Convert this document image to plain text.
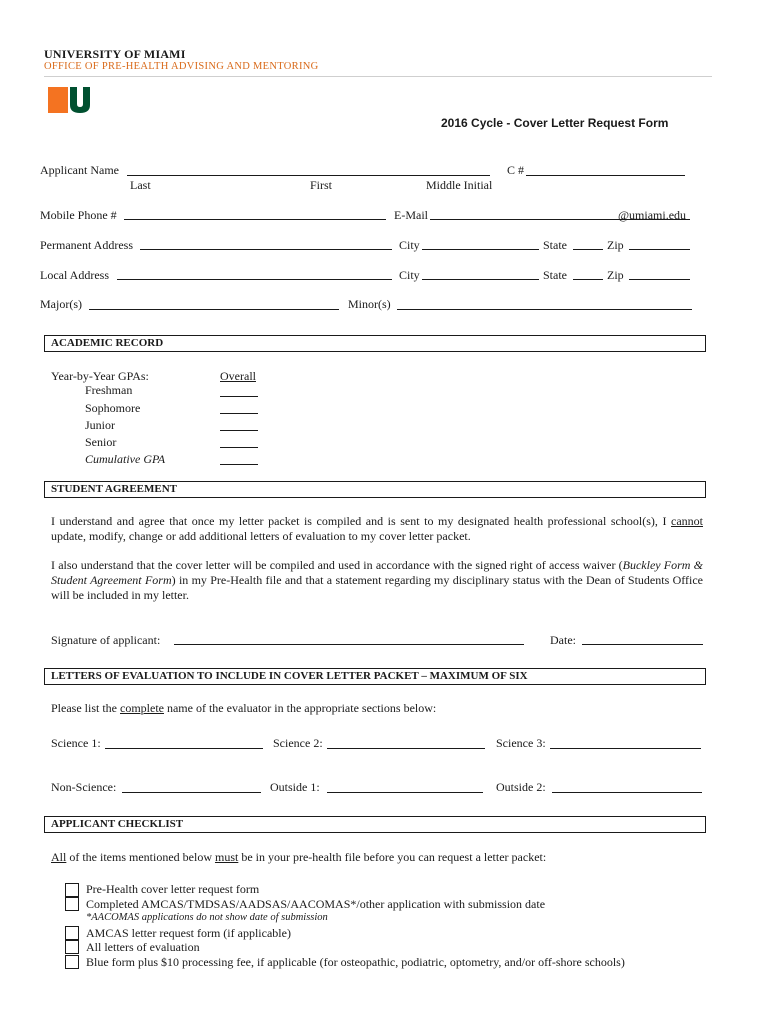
UNIVERSITY OF MIAMI
OFFICE OF PRE-HEALTH ADVISING AND MENTORING
2016 Cycle - Cover Letter Request Form
Applicant Name	C #
Last	First	Middle Initial
Mobile Phone #	E-Mail	@umiami.edu
Permanent Address	City	State	Zip
Local Address	City	State	Zip
Major(s)	Minor(s)
ACADEMIC RECORD
Year-by-Year GPAs:	Overall
Freshman
Sophomore
Junior
Senior
Cumulative GPA
STUDENT AGREEMENT
I understand and agree that once my letter packet is compiled and is sent to my designated health professional school(s), I cannot update, modify, change or add additional letters of evaluation to my cover letter packet.
I also understand that the cover letter will be compiled and used in accordance with the signed right of access waiver (Buckley Form & Student Agreement Form) in my Pre-Health file and that a statement regarding my disciplinary status with the Dean of Students Office will be included in my letter.
Signature of applicant:	Date:
LETTERS OF EVALUATION TO INCLUDE IN COVER LETTER PACKET – MAXIMUM OF SIX
Please list the complete name of the evaluator in the appropriate sections below:
Science 1:	Science 2:	Science 3:
Non-Science:	Outside 1:	Outside 2:
APPLICANT CHECKLIST
All of the items mentioned below must be in your pre-health file before you can request a letter packet:
Pre-Health cover letter request form
Completed AMCAS/TMDSAS/AADSAS/AACOMAS*/other application with submission date
*AACOMAS applications do not show date of submission
AMCAS letter request form (if applicable)
All letters of evaluation
Blue form plus $10 processing fee, if applicable (for osteopathic, podiatric, optometry, and/or off-shore schools)
